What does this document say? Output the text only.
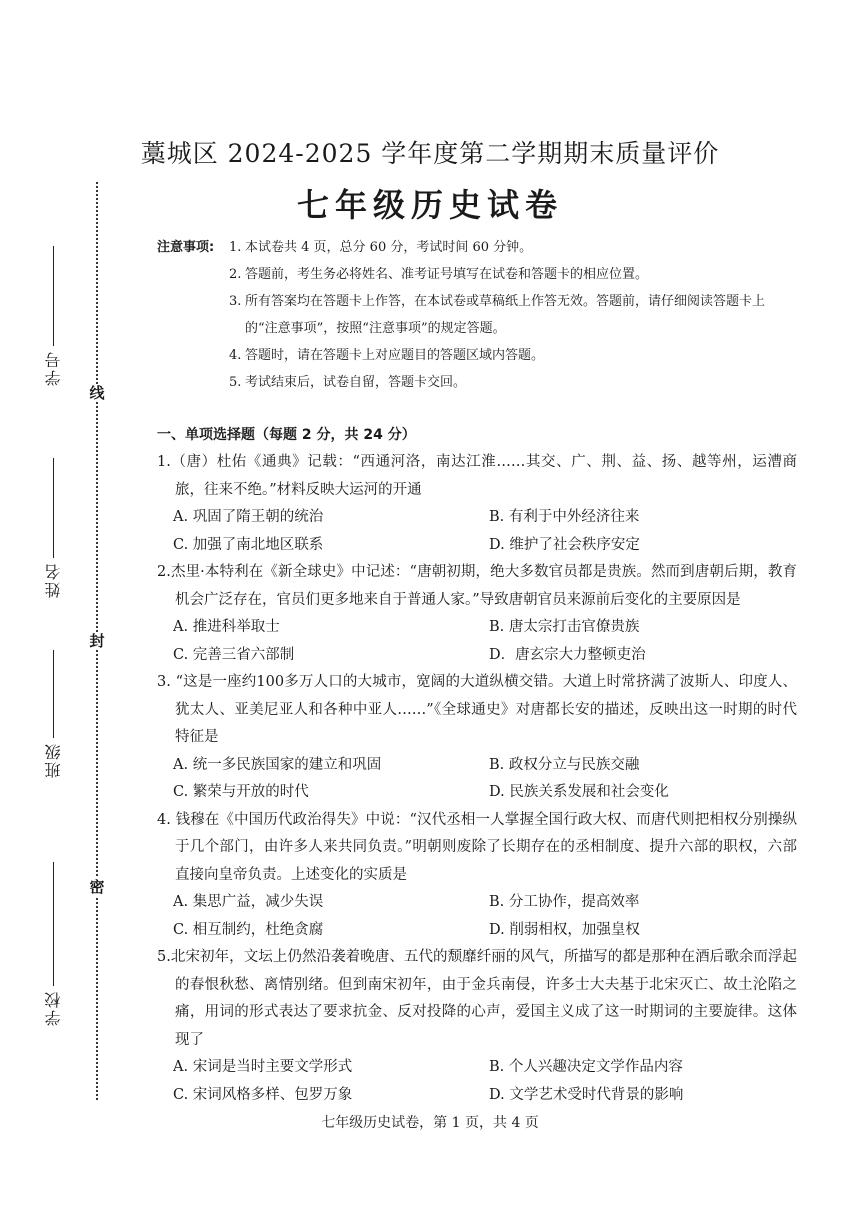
线
封
密
学号
姓名
班级
学校
藁城区 2024-2025 学年度第二学期期末质量评价
七年级历史试卷
注意事项:	1. 本试卷共 4 页，总分 60 分，考试时间 60 分钟。
2. 答题前，考生务必将姓名、准考证号填写在试卷和答题卡的相应位置。
3. 所有答案均在答题卡上作答，在本试卷或草稿纸上作答无效。答题前，请仔细阅读答题卡上的“注意事项”，按照“注意事项”的规定答题。
4. 答题时，请在答题卡上对应题目的答题区域内答题。
5. 考试结束后，试卷自留，答题卡交回。
一、单项选择题（每题 2 分，共 24 分）
1.（唐）杜佑《通典》记载：“西通河洛，南达江淮……其交、广、荆、益、扬、越等州，运漕商旅，往来不绝。”材料反映大运河的开通
A. 巩固了隋王朝的统治	B. 有利于中外经济往来
C. 加强了南北地区联系	D. 维护了社会秩序安定
2.杰里·本特利在《新全球史》中记述：“唐朝初期，绝大多数官员都是贵族。然而到唐朝后期，教育机会广泛存在，官员们更多地来自于普通人家。”导致唐朝官员来源前后变化的主要原因是
A. 推进科举取士	B. 唐太宗打击官僚贵族
C. 完善三省六部制	D．唐玄宗大力整顿吏治
3. “这是一座约100多万人口的大城市，宽阔的大道纵横交错。大道上时常挤满了波斯人、印度人、犹太人、亚美尼亚人和各种中亚人……”《全球通史》对唐都长安的描述，反映出这一时期的时代特征是
A. 统一多民族国家的建立和巩固	B. 政权分立与民族交融
C. 繁荣与开放的时代	D. 民族关系发展和社会变化
4. 钱穆在《中国历代政治得失》中说：“汉代丞相一人掌握全国行政大权、而唐代则把相权分别操纵于几个部门，由许多人来共同负责。”明朝则废除了长期存在的丞相制度、提升六部的职权，六部直接向皇帝负责。上述变化的实质是
A. 集思广益，减少失误	B. 分工协作，提高效率
C. 相互制约，杜绝贪腐	D. 削弱相权，加强皇权
5.北宋初年，文坛上仍然沿袭着晚唐、五代的颓靡纤丽的风气，所描写的都是那种在酒后歌余而浮起的春恨秋愁、离情别绪。但到南宋初年，由于金兵南侵，许多士大夫基于北宋灭亡、故土沦陷之痛，用词的形式表达了要求抗金、反对投降的心声，爱国主义成了这一时期词的主要旋律。这体现了
A. 宋词是当时主要文学形式	B. 个人兴趣决定文学作品内容
C. 宋词风格多样、包罗万象	D. 文学艺术受时代背景的影响
七年级历史试卷，第 1 页，共 4 页
